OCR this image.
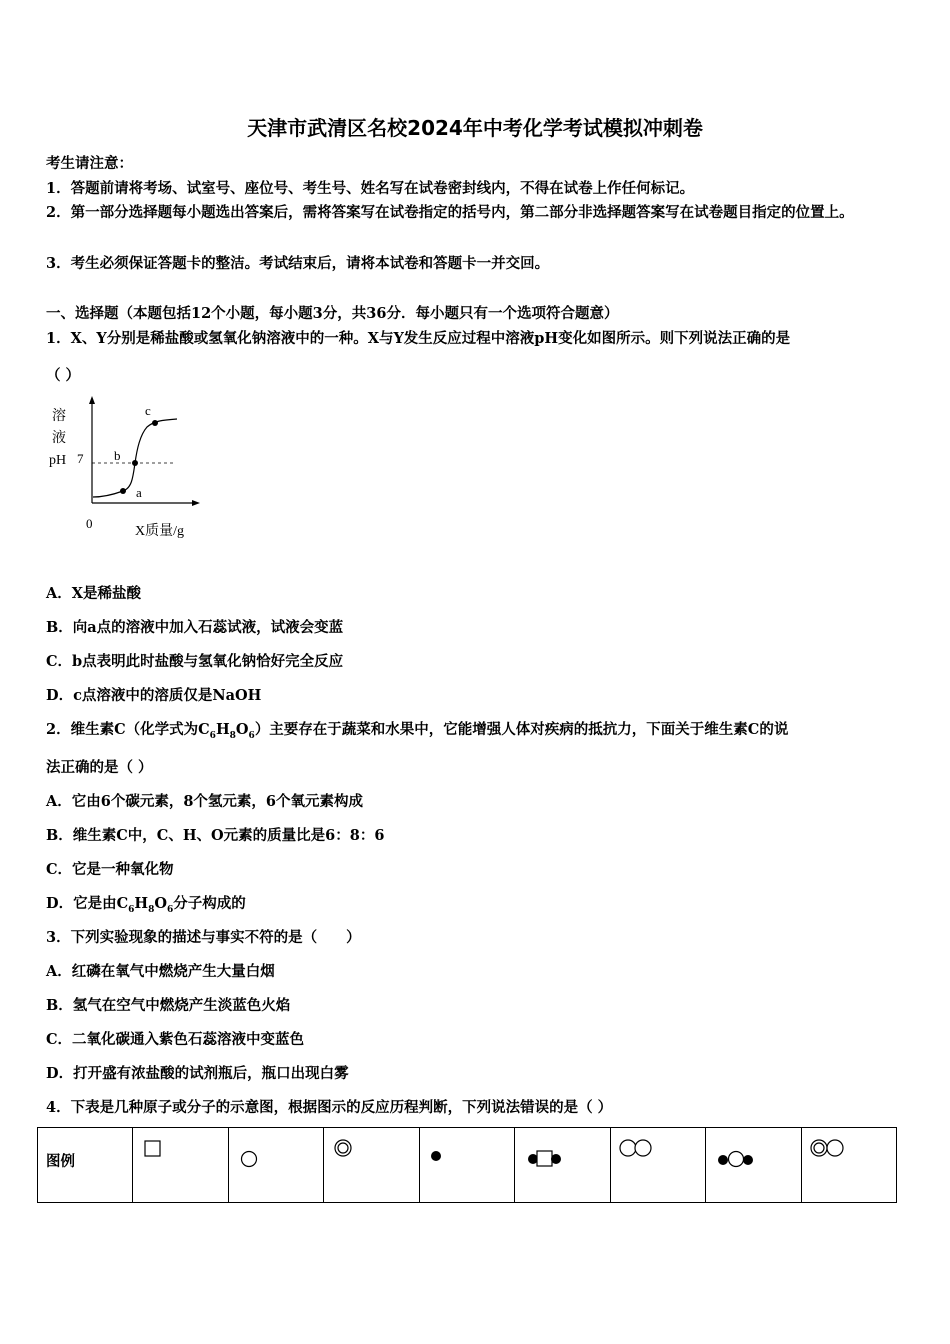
天津市武清区名校2024年中考化学考试模拟冲刺卷
考生请注意：
1．答题前请将考场、试室号、座位号、考生号、姓名写在试卷密封线内，不得在试卷上作任何标记。
2．第一部分选择题每小题选出答案后，需将答案写在试卷指定的括号内，第二部分非选择题答案写在试卷题目指定的位置上。
3．考生必须保证答题卡的整洁。考试结束后，请将本试卷和答题卡一并交回。
一、选择题（本题包括12个小题，每小题3分，共36分．每小题只有一个选项符合题意）
1．X、Y分别是稀盐酸或氢氧化钠溶液中的一种。X与Y发生反应过程中溶液pH变化如图所示。则下列说法正确的是
（ ）
a
b
c
溶
液
pH 7
0
X质量/g
A．X是稀盐酸
B．向a点的溶液中加入石蕊试液，试液会变蓝
C．b点表明此时盐酸与氢氧化钠恰好完全反应
D．c点溶液中的溶质仅是NaOH
2．维生素C（化学式为$C_6H_8O_6$）主要存在于蔬菜和水果中，它能增强人体对疾病的抵抗力，下面关于维生素C的说
法正确的是（ ）
A．它由6个碳元素，8个氢元素，6个氧元素构成
B．维生素C中，C、H、O元素的质量比是6：8：6
C．它是一种氧化物
D．它是由$C_6H_8O_6$分子构成的
3．下列实验现象的描述与事实不符的是（　　）
A．红磷在氧气中燃烧产生大量白烟
B．氢气在空气中燃烧产生淡蓝色火焰
C．二氧化碳通入紫色石蕊溶液中变蓝色
D．打开盛有浓盐酸的试剂瓶后，瓶口出现白雾
4．下表是几种原子或分子的示意图，根据图示的反应历程判断，下列说法错误的是（ ）
图例
